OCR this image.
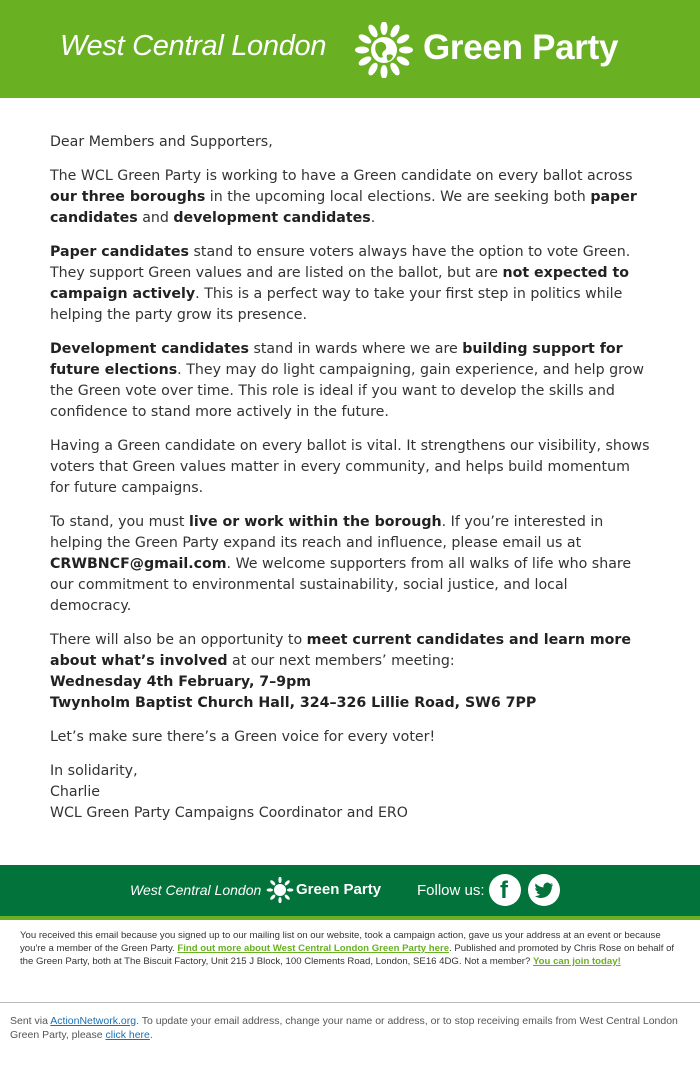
West Central London	Green Party

Dear Members and Supporters,

The WCL Green Party is working to have a Green candidate on every ballot across our three boroughs in the upcoming local elections. We are seeking both paper candidates and development candidates.

Paper candidates stand to ensure voters always have the option to vote Green. They support Green values and are listed on the ballot, but are not expected to campaign actively. This is a perfect way to take your first step in politics while helping the party grow its presence.

Development candidates stand in wards where we are building support for future elections. They may do light campaigning, gain experience, and help grow the Green vote over time. This role is ideal if you want to develop the skills and confidence to stand more actively in the future.

Having a Green candidate on every ballot is vital. It strengthens our visibility, shows voters that Green values matter in every community, and helps build momentum for future campaigns.

To stand, you must live or work within the borough. If you’re interested in helping the Green Party expand its reach and influence, please email us at CRWBNCF@gmail.com. We welcome supporters from all walks of life who share our commitment to environmental sustainability, social justice, and local democracy.

There will also be an opportunity to meet current candidates and learn more about what’s involved at our next members’ meeting:
Wednesday 4th February, 7–9pm
Twynholm Baptist Church Hall, 324–326 Lillie Road, SW6 7PP

Let’s make sure there’s a Green voice for every voter!

In solidarity,

Charlie

WCL Green Party Campaigns Coordinator and ERO

West Central London Green Party Follow us: f
You received this email because you signed up to our mailing list on our website, took a campaign action, gave us your address at an event or because you're a member of the Green Party. Find out more about West Central London Green Party here. Published and promoted by Chris Rose on behalf of the Green Party, both at The Biscuit Factory, Unit 215 J Block, 100 Clements Road, London, SE16 4DG. Not a member? You can join today!
Sent via ActionNetwork.org. To update your email address, change your name or address, or to stop receiving emails from West Central London Green Party, please click here.
